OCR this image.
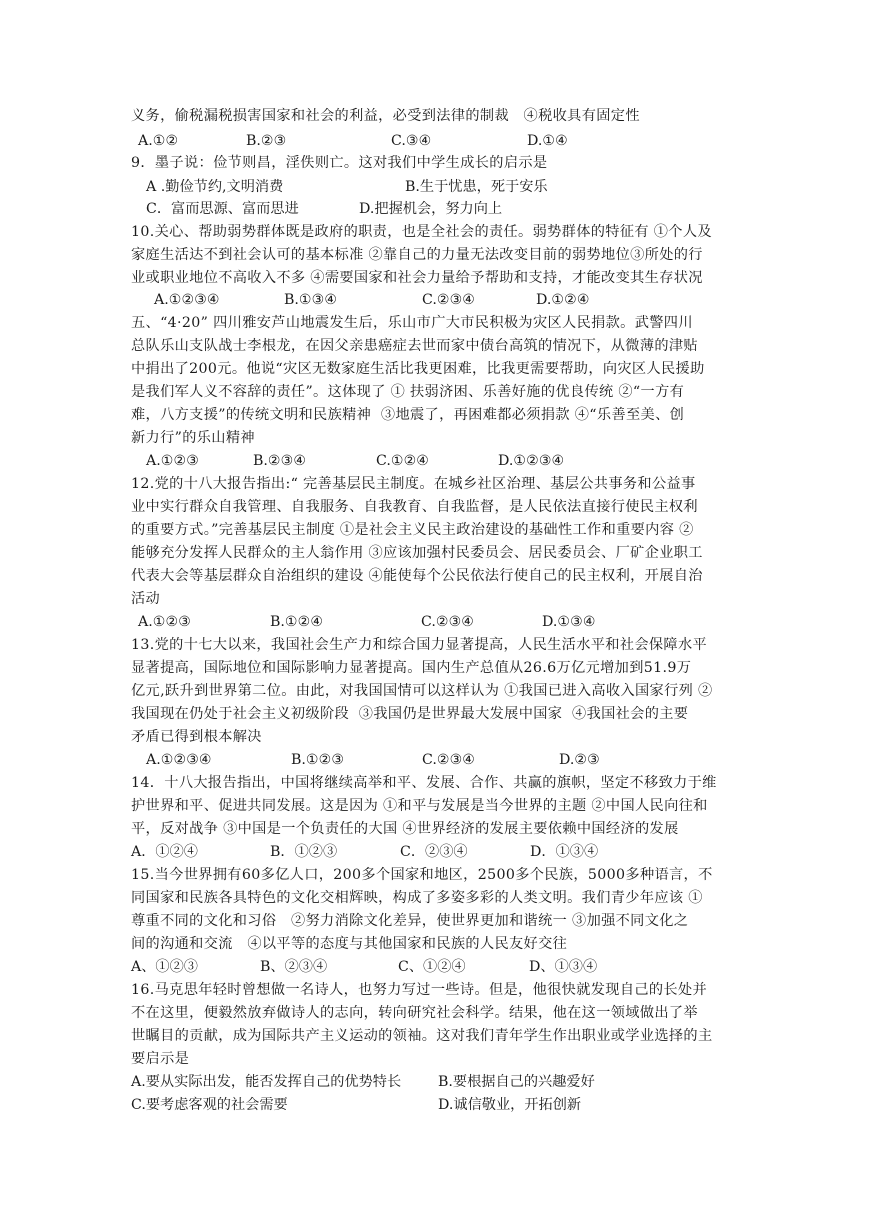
义务，偷税漏税损害国家和社会的利益，必受到法律的制裁   ④税收具有固定性
A.①②	B.②③	C.③④	D.①④
9．墨子说：俭节则昌，淫佚则亡。这对我们中学生成长的启示是
A .勤俭节约,文明消费	B.生于忧患，死于安乐
C．富而思源、富而思进	D.把握机会，努力向上
10.关心、帮助弱势群体既是政府的职责，也是全社会的责任。弱势群体的特征有 ①个人及
家庭生活达不到社会认可的基本标准 ②靠自己的力量无法改变目前的弱势地位③所处的行
业或职业地位不高收入不多 ④需要国家和社会力量给予帮助和支持，才能改变其生存状况
A.①②③④	B.①③④	C.②③④	D.①②④
五、“4·20” 四川雅安芦山地震发生后，乐山市广大市民积极为灾区人民捐款。武警四川
总队乐山支队战士李根龙，在因父亲患癌症去世而家中债台高筑的情况下，从微薄的津贴
中捐出了200元。他说“灾区无数家庭生活比我更困难，比我更需要帮助，向灾区人民援助
是我们军人义不容辞的责任”。这体现了 ① 扶弱济困、乐善好施的优良传统 ②“一方有
难，八方支援”的传统文明和民族精神  ③地震了，再困难都必须捐款 ④“乐善至美、创
新力行”的乐山精神
A.①②③	B.②③④	C.①②④	D.①②③④
12.党的十八大报告指出:“ 完善基层民主制度。在城乡社区治理、基层公共事务和公益事
业中实行群众自我管理、自我服务、自我教育、自我监督，是人民依法直接行使民主权利
的重要方式。”完善基层民主制度 ①是社会主义民主政治建设的基础性工作和重要内容 ②
能够充分发挥人民群众的主人翁作用 ③应该加强村民委员会、居民委员会、厂矿企业职工
代表大会等基层群众自治组织的建设 ④能使每个公民依法行使自己的民主权利，开展自治
活动
A.①②③	B.①②④	C.②③④	D.①③④
13.党的十七大以来，我国社会生产力和综合国力显著提高，人民生活水平和社会保障水平
显著提高，国际地位和国际影响力显著提高。国内生产总值从26.6万亿元增加到51.9万
亿元,跃升到世界第二位。由此，对我国国情可以这样认为 ①我国已进入高收入国家行列 ②
我国现在仍处于社会主义初级阶段  ③我国仍是世界最大发展中国家  ④我国社会的主要
矛盾已得到根本解决
A.①②③④	B.①②③	C.②③④	D.②③
14．十八大报告指出，中国将继续高举和平、发展、合作、共赢的旗帜，坚定不移致力于维
护世界和平、促进共同发展。这是因为 ①和平与发展是当今世界的主题 ②中国人民向往和
平，反对战争 ③中国是一个负责任的大国 ④世界经济的发展主要依赖中国经济的发展
A．①②④	B．①②③	C．②③④	D．①③④
15.当今世界拥有60多亿人口，200多个国家和地区，2500多个民族，5000多种语言，不
同国家和民族各具特色的文化交相辉映，构成了多姿多彩的人类文明。我们青少年应该 ①
尊重不同的文化和习俗   ②努力消除文化差异，使世界更加和谐统一 ③加强不同文化之
间的沟通和交流   ④以平等的态度与其他国家和民族的人民友好交往
A、①②③	B、②③④	C、①②④	D、①③④
16.马克思年轻时曾想做一名诗人，也努力写过一些诗。但是，他很快就发现自己的长处并
不在这里，便毅然放弃做诗人的志向，转向研究社会科学。结果，他在这一领域做出了举
世瞩目的贡献，成为国际共产主义运动的领袖。这对我们青年学生作出职业或学业选择的主
要启示是
A.要从实际出发，能否发挥自己的优势特长	B.要根据自己的兴趣爱好
C.要考虑客观的社会需要	D.诚信敬业，开拓创新
